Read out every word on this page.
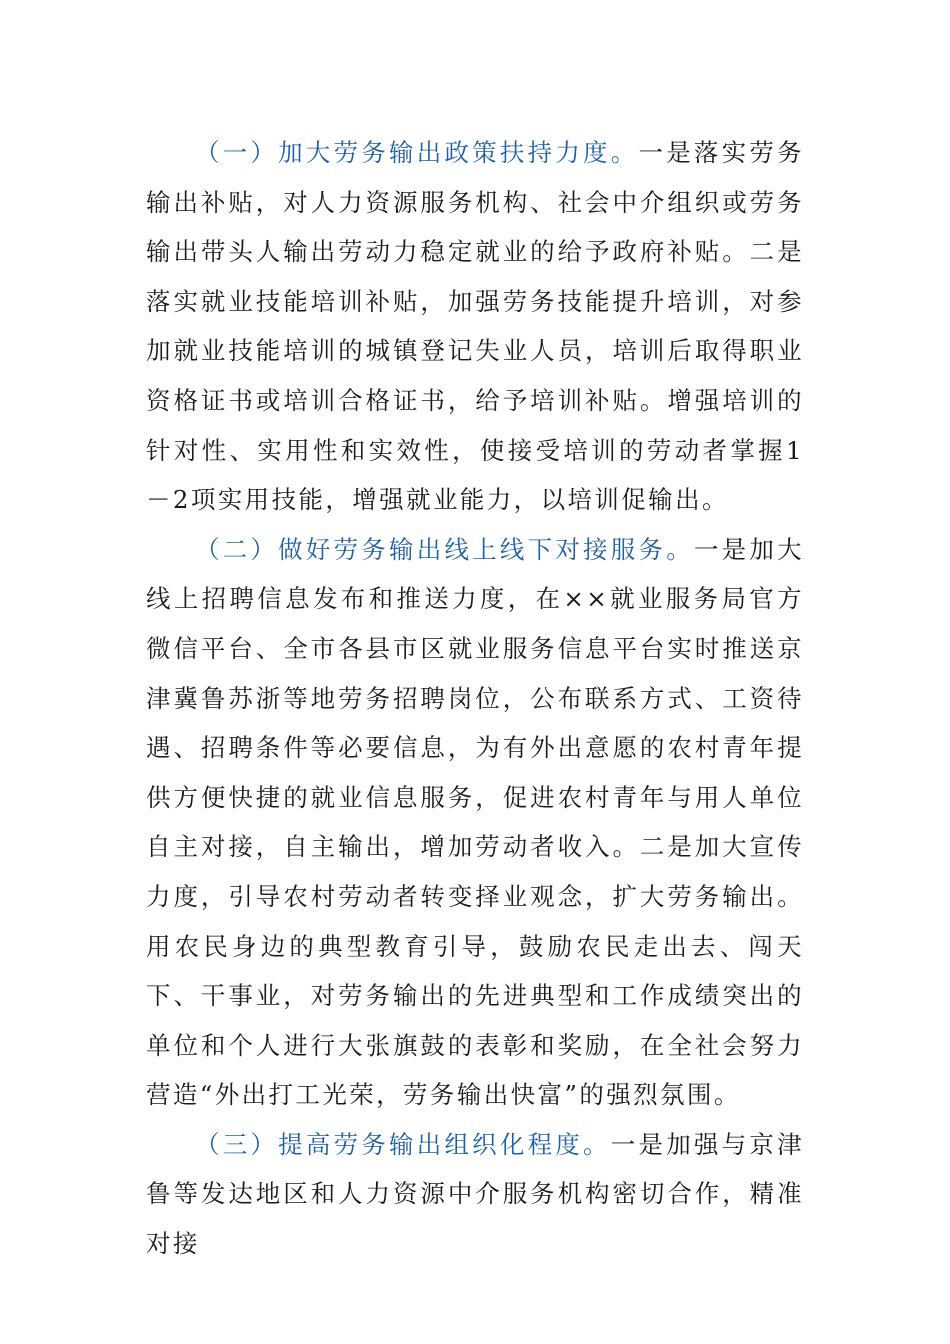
（一）加大劳务输出政策扶持力度。一是落实劳务输出补贴，对人力资源服务机构、社会中介组织或劳务输出带头人输出劳动力稳定就业的给予政府补贴。二是落实就业技能培训补贴，加强劳务技能提升培训，对参加就业技能培训的城镇登记失业人员，培训后取得职业资格证书或培训合格证书，给予培训补贴。增强培训的针对性、实用性和实效性，使接受培训的劳动者掌握1－2项实用技能，增强就业能力，以培训促输出。

（二）做好劳务输出线上线下对接服务。一是加大线上招聘信息发布和推送力度，在××就业服务局官方微信平台、全市各县市区就业服务信息平台实时推送京津冀鲁苏浙等地劳务招聘岗位，公布联系方式、工资待遇、招聘条件等必要信息，为有外出意愿的农村青年提供方便快捷的就业信息服务，促进农村青年与用人单位自主对接，自主输出，增加劳动者收入。二是加大宣传力度，引导农村劳动者转变择业观念，扩大劳务输出。用农民身边的典型教育引导，鼓励农民走出去、闯天下、干事业，对劳务输出的先进典型和工作成绩突出的单位和个人进行大张旗鼓的表彰和奖励，在全社会努力营造“外出打工光荣，劳务输出快富”的强烈氛围。

（三）提高劳务输出组织化程度。一是加强与京津鲁等发达地区和人力资源中介服务机构密切合作，精准对接
